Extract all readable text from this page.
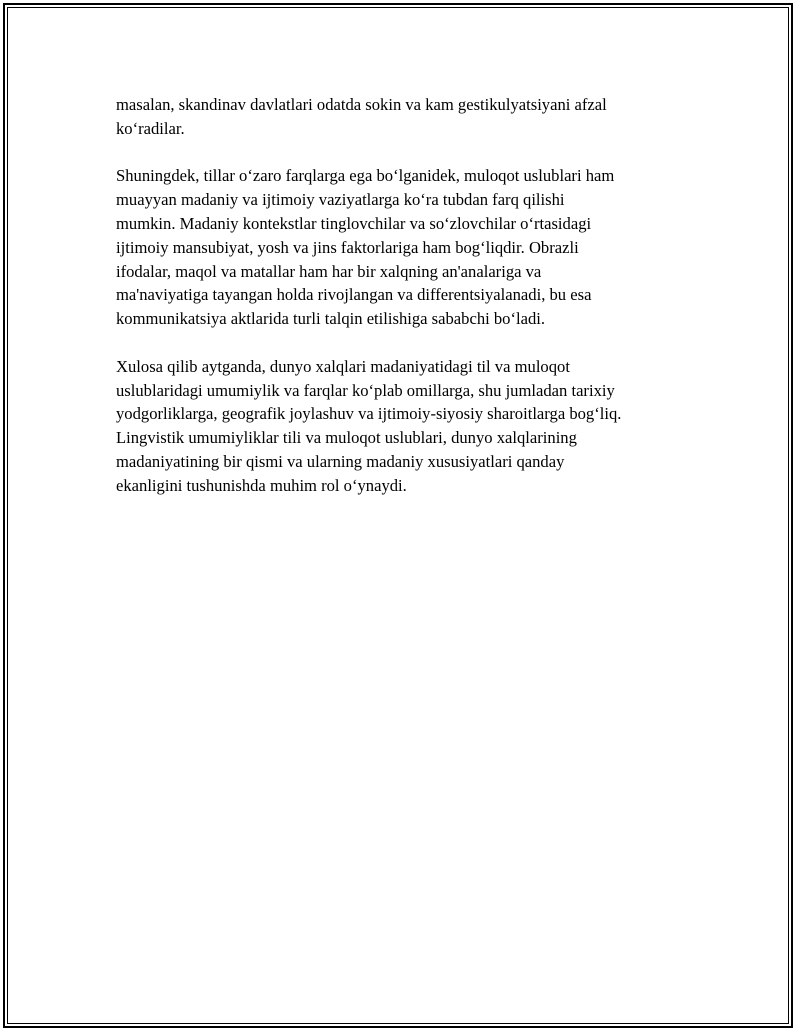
masalan, skandinav davlatlari odatda sokin va kam gestikulyatsiyani afzal
koʻradilar.

Shuningdek, tillar oʻzaro farqlarga ega boʻlganidek, muloqot uslublari ham
muayyan madaniy va ijtimoiy vaziyatlarga koʻra tubdan farq qilishi
mumkin. Madaniy kontekstlar tinglovchilar va soʻzlovchilar oʻrtasidagi
ijtimoiy mansubiyat, yosh va jins faktorlariga ham bogʻliqdir. Obrazli
ifodalar, maqol va matallar ham har bir xalqning an'analariga va
ma'naviyatiga tayangan holda rivojlangan va differentsiyalanadi, bu esa
kommunikatsiya aktlarida turli talqin etilishiga sababchi boʻladi.

Xulosa qilib aytganda, dunyo xalqlari madaniyatidagi til va muloqot
uslublaridagi umumiylik va farqlar koʻplab omillarga, shu jumladan tarixiy
yodgorliklarga, geografik joylashuv va ijtimoiy-siyosiy sharoitlarga bogʻliq.
Lingvistik umumiyliklar tili va muloqot uslublari, dunyo xalqlarining
madaniyatining bir qismi va ularning madaniy xususiyatlari qanday
ekanligini tushunishda muhim rol oʻynaydi.
